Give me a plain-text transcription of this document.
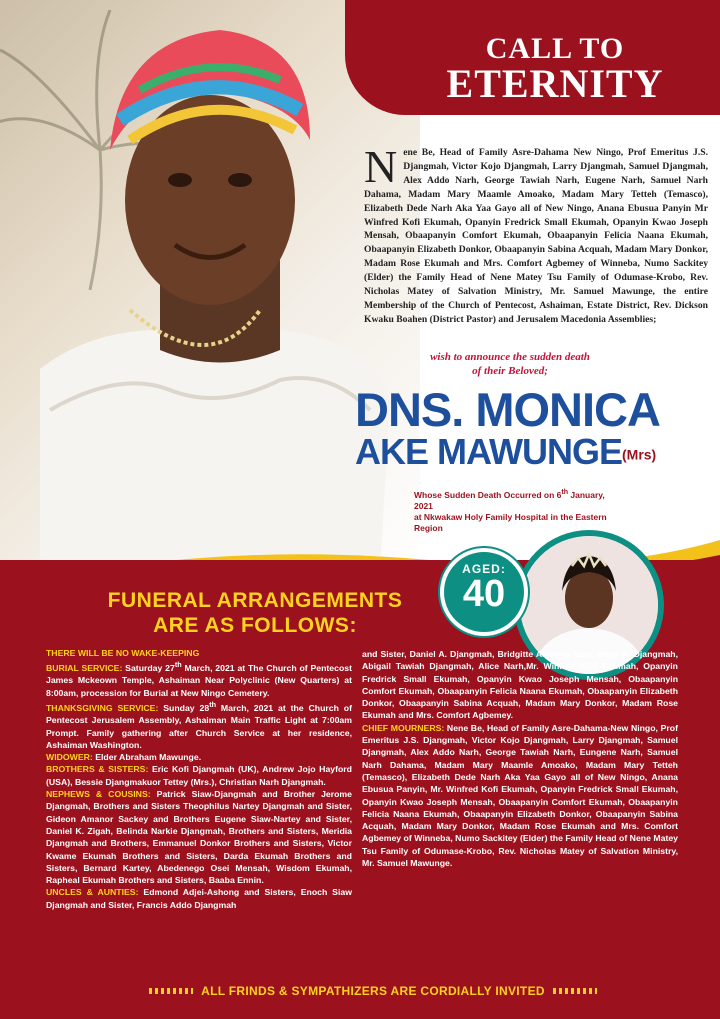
CALL TO
ETERNITY
Nene Be, Head of Family Asre-Dahama New Ningo, Prof Emeritus J.S. Djangmah, Victor Kojo Djangmah, Larry Djangmah, Samuel Djangmah, Alex Addo Narh, George Tawiah Narh, Eugene Narh, Samuel Narh Dahama, Madam Mary Maamle Amoako, Madam Mary Tetteh (Temasco), Elizabeth Dede Narh Aka Yaa Gayo all of New Ningo, Anana Ebusua Panyin Mr Winfred Kofi Ekumah, Opanyin Fredrick Small Ekumah, Opanyin Kwao Joseph Mensah, Obaapanyin Comfort Ekumah, Obaapanyin Felicia Naana Ekumah, Obaapanyin Elizabeth Donkor, Obaapanyin Sabina Acquah, Madam Mary Donkor, Madam Rose Ekumah and Mrs. Comfort Agbemey of Winneba, Numo Sackitey (Elder) the Family Head of Nene Matey Tsu Family of Odumase-Krobo, Rev. Nicholas Matey of Salvation Ministry, Mr. Samuel Mawunge, the entire Membership of the Church of Pentecost, Ashaiman, Estate District, Rev. Dickson Kwaku Boahen (District Pastor) and Jerusalem Macedonia Assemblies;
wish to announce the sudden death
of their Beloved;
DNS. MONICA
AKE MAWUNGE(Mrs)
Whose Sudden Death Occurred on 6th January, 2021
at Nkwakaw Holy Family Hospital in the Eastern Region
AGED:
40
FUNERAL ARRANGEMENTS
ARE AS FOLLOWS:
THERE WILL BE NO WAKE-KEEPING
BURIAL SERVICE: Saturday 27th March, 2021 at The Church of Pentecost James Mckeown Temple, Ashaiman Near Polyclinic (New Quarters) at 8:00am, procession for Burial at New Ningo Cemetery.
THANKSGIVING SERVICE: Sunday 28th March, 2021 at the Church of Pentecost Jerusalem Assembly, Ashaiman Main Traffic Light at 7:00am Prompt. Family gathering after Church Service at her residence, Ashaiman Washington.
WIDOWER: Elder Abraham Mawunge.
BROTHERS & SISTERS: Eric Kofi Djangmah (UK), Andrew Jojo Hayford (USA), Bessie Djangmakuor Tettey (Mrs.), Christian Narh Djangmah.
NEPHEWS & COUSINS: Patrick Siaw-Djangmah and Brother Jerome Djangmah, Brothers and Sisters Theophilus Nartey Djangmah and Sister, Gideon Amanor Sackey and Brothers Eugene Siaw-Nartey and Sister, Daniel K. Zigah, Belinda Narkie Djangmah, Brothers and Sisters, Meridia Djangmah and Brothers, Emmanuel Donkor Brothers and Sisters, Victor Kwame Ekumah Brothers and Sisters, Darda Ekumah Brothers and Sisters, Bernard Kartey, Abedenego Osei Mensah, Wisdom Ekumah, Rapheal Ekumah Brothers and Sisters, Baaba Ennin.
UNCLES & AUNTIES: Edmond Adjei-Ashong and Sisters, Enoch Siaw Djangmah and Sister, Francis Addo Djangmah
and Sister, Daniel A. Djangmah, Bridgitte Akweley Sam, Betty A. Djangmah, Abigail Tawiah Djangmah, Alice Narh,Mr. Winfred Kofi Ekumah, Opanyin Fredrick Small Ekumah, Opanyin Kwao Joseph Mensah, Obaapanyin Comfort Ekumah, Obaapanyin Felicia Naana Ekumah, Obaapanyin Elizabeth Donkor, Obaapanyin Sabina Acquah, Madam Mary Donkor, Madam Rose Ekumah and Mrs. Comfort Agbemey.
CHIEF MOURNERS: Nene Be, Head of Family Asre-Dahama-New Ningo, Prof Emeritus J.S. Djangmah, Victor Kojo Djangmah, Larry Djangmah, Samuel Djangmah, Alex Addo Narh, George Tawiah Narh, Eungene Narh, Samuel Narh Dahama, Madam Mary Maamle Amoako, Madam Mary Tetteh (Temasco), Elizabeth Dede Narh Aka Yaa Gayo all of New Ningo, Anana Ebusua Panyin, Mr. Winfred Kofi Ekumah, Opanyin Fredrick Small Ekumah, Opanyin Kwao Joseph Mensah, Obaapanyin Comfort Ekumah, Obaapanyin Felicia Naana Ekumah, Obaapanyin Elizabeth Donkor, Obaapanyin Sabina Acquah, Madam Mary Donkor, Madam Rose Ekumah and Mrs. Comfort Agbemey of Winneba, Numo Sackitey (Elder) the Family Head of Nene Matey Tsu Family of Odumase-Krobo, Rev. Nicholas Matey of Salvation Ministry, Mr. Samuel Mawunge.
ALL FRINDS & SYMPATHIZERS ARE CORDIALLY INVITED
